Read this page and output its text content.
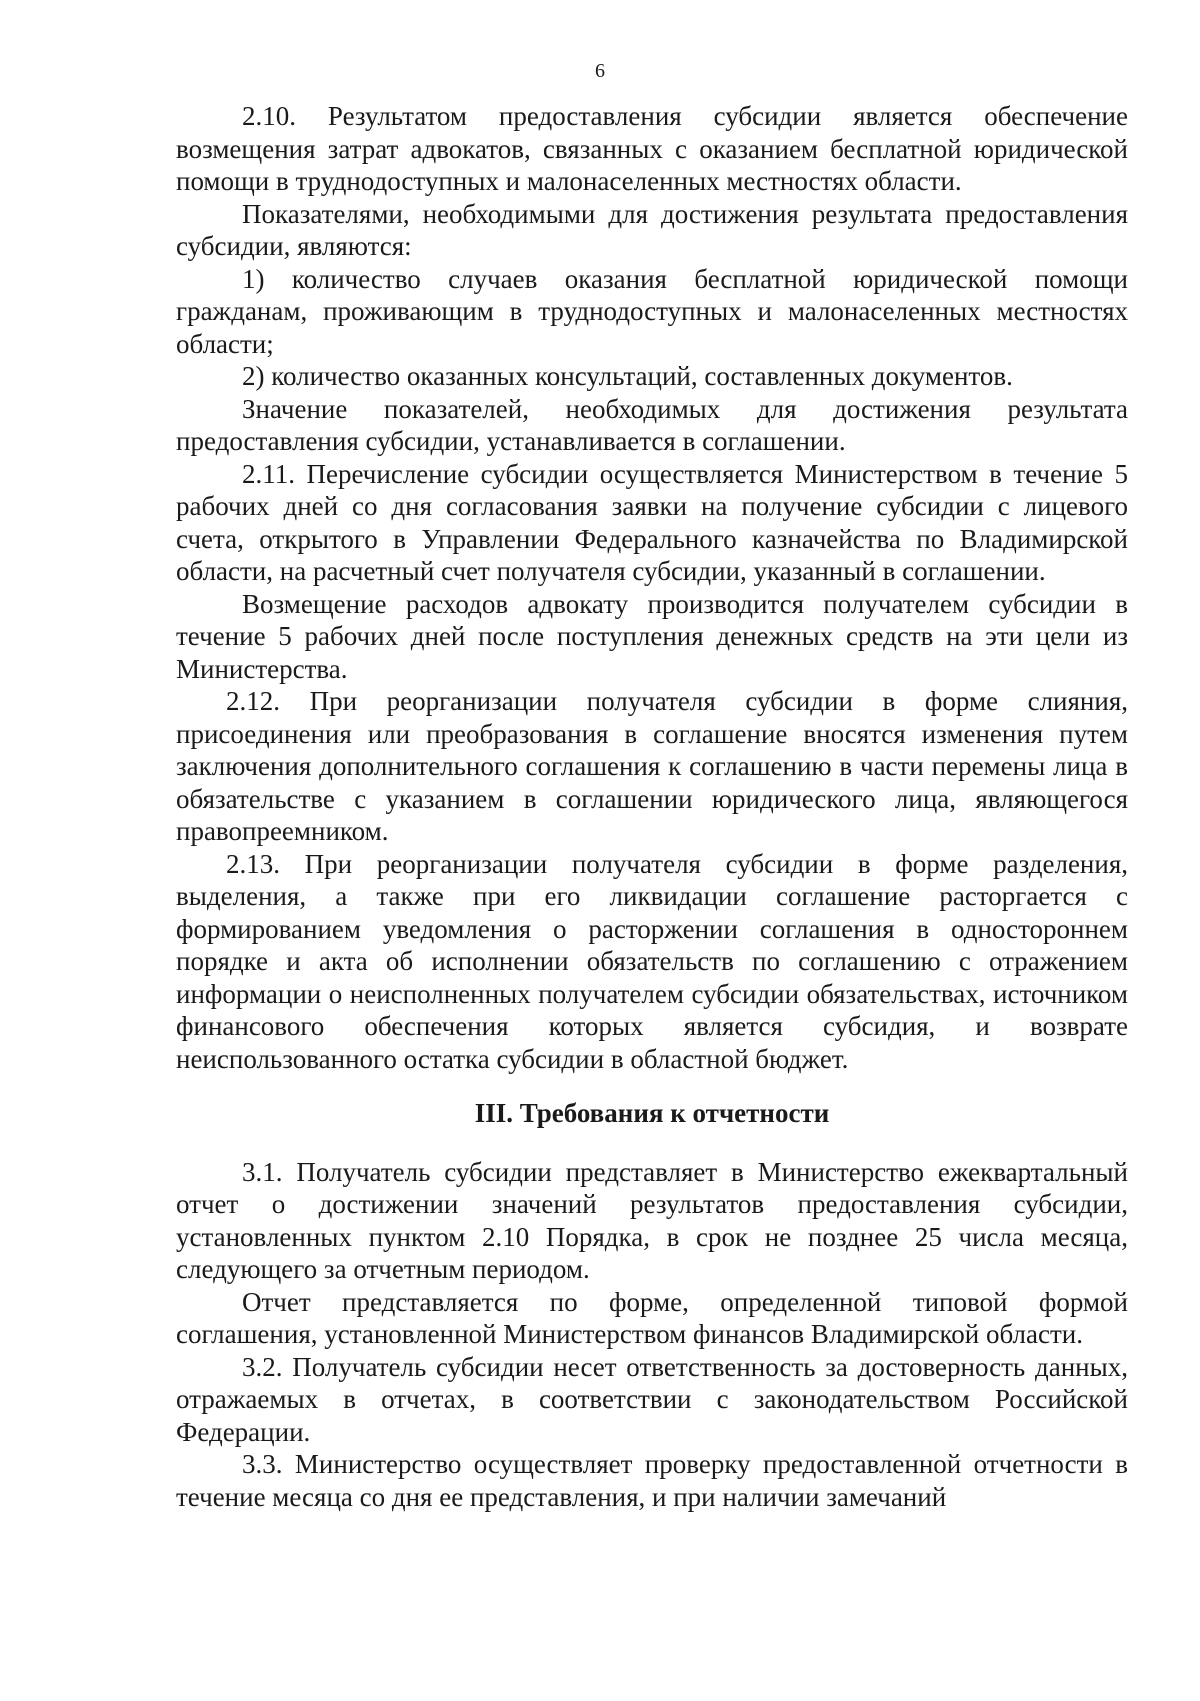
6

2.10. Результатом предоставления субсидии является обеспечение возмещения затрат адвокатов, связанных с оказанием бесплатной юридической помощи в труднодоступных и малонаселенных местностях области.

Показателями, необходимыми для достижения результата предоставления субсидии, являются:

1) количество случаев оказания бесплатной юридической помощи гражданам, проживающим в труднодоступных и малонаселенных местностях области;

2) количество оказанных консультаций, составленных документов.

Значение показателей, необходимых для достижения результата предоставления субсидии, устанавливается в соглашении.

2.11. Перечисление субсидии осуществляется Министерством в течение 5 рабочих дней со дня согласования заявки на получение субсидии с лицевого счета, открытого в Управлении Федерального казначейства по Владимирской области, на расчетный счет получателя субсидии, указанный в соглашении.

Возмещение расходов адвокату производится получателем субсидии в течение 5 рабочих дней после поступления денежных средств на эти цели из Министерства.

2.12. При реорганизации получателя субсидии в форме слияния, присоединения или преобразования в соглашение вносятся изменения путем заключения дополнительного соглашения к соглашению в части перемены лица в обязательстве с указанием в соглашении юридического лица, являющегося правопреемником.

2.13. При реорганизации получателя субсидии в форме разделения, выделения, а также при его ликвидации соглашение расторгается с формированием уведомления о расторжении соглашения в одностороннем порядке и акта об исполнении обязательств по соглашению с отражением информации о неисполненных получателем субсидии обязательствах, источником финансового обеспечения которых является субсидия, и возврате неиспользованного остатка субсидии в областной бюджет.

III. Требования к отчетности

3.1. Получатель субсидии представляет в Министерство ежеквартальный отчет о достижении значений результатов предоставления субсидии, установленных пунктом 2.10 Порядка, в срок не позднее 25 числа месяца, следующего за отчетным периодом.

Отчет представляется по форме, определенной типовой формой соглашения, установленной Министерством финансов Владимирской области.

3.2. Получатель субсидии несет ответственность за достоверность данных, отражаемых в отчетах, в соответствии с законодательством Российской Федерации.

3.3. Министерство осуществляет проверку предоставленной отчетности в течение месяца со дня ее представления, и при наличии замечаний
